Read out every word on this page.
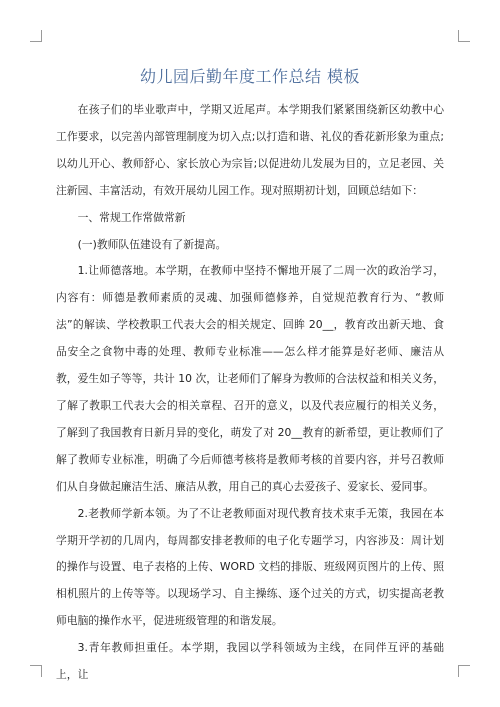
幼儿园后勤年度工作总结 模板

在孩子们的毕业歌声中，学期又近尾声。本学期我们紧紧围绕新区幼教中心工作要求，以完善内部管理制度为切入点;以打造和谐、礼仪的香花新形象为重点;以幼儿开心、教师舒心、家长放心为宗旨;以促进幼儿发展为目的，立足老园、关注新园、丰富活动，有效开展幼儿园工作。现对照期初计划，回顾总结如下：

一、常规工作常做常新

(一)教师队伍建设有了新提高。

1.让师德落地。本学期，在教师中坚持不懈地开展了二周一次的政治学习，内容有：师德是教师素质的灵魂、加强师德修养，自觉规范教育行为、“教师法”的解读、学校教职工代表大会的相关规定、回眸 20__，教育改出新天地、食品安全之食物中毒的处理、教师专业标准——怎么样才能算是好老师、廉洁从教，爱生如子等等，共计 10 次，让老师们了解身为教师的合法权益和相关义务，了解了教职工代表大会的相关章程、召开的意义，以及代表应履行的相关义务，了解到了我国教育日新月异的变化，萌发了对 20__教育的新希望，更让教师们了解了教师专业标准，明确了今后师德考核将是教师考核的首要内容，并号召教师们从自身做起廉洁生活、廉洁从教，用自己的真心去爱孩子、爱家长、爱同事。

2.老教师学新本领。为了不让老教师面对现代教育技术束手无策，我园在本学期开学初的几周内，每周都安排老教师的电子化专题学习，内容涉及：周计划的操作与设置、电子表格的上传、WORD 文档的排版、班级网页图片的上传、照相机照片的上传等等。以现场学习、自主操练、逐个过关的方式，切实提高老教师电脑的操作水平，促进班级管理的和谐发展。

3.青年教师担重任。本学期，我园以学科领域为主线，在同伴互评的基础上，让
